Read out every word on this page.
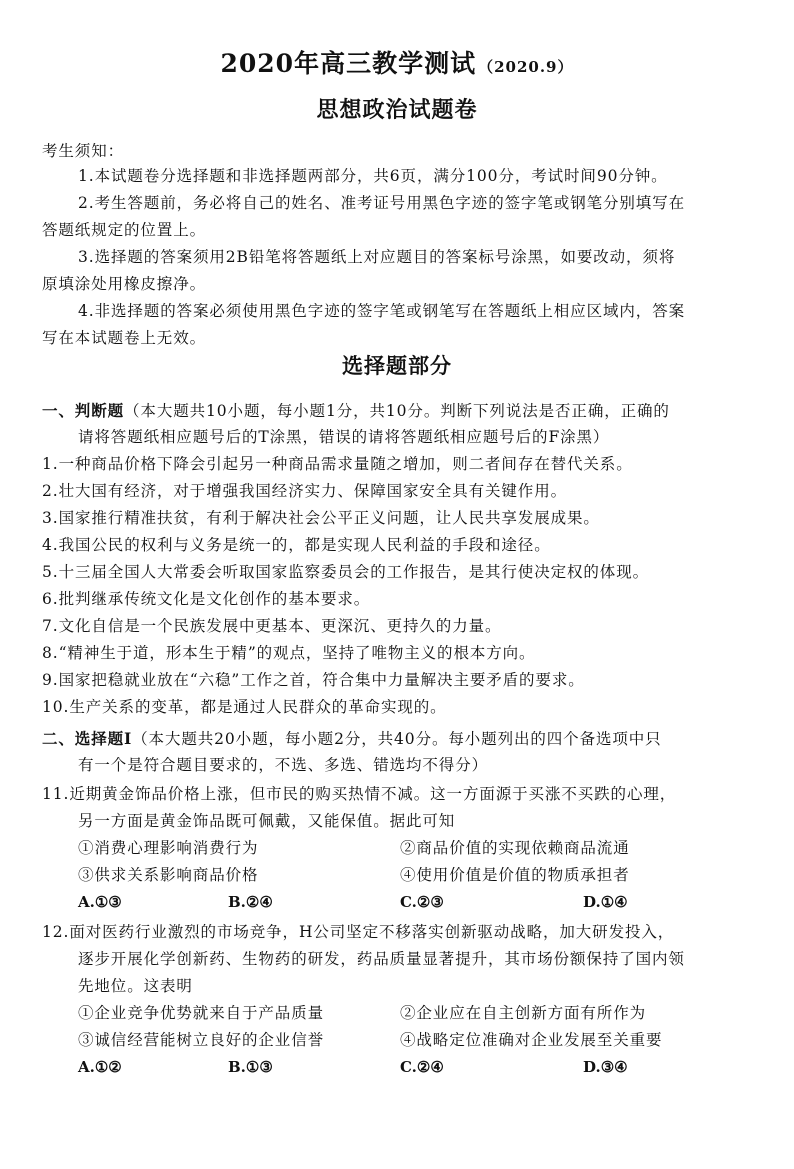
2020年高三教学测试 （2020.9）
思想政治试题卷
考生须知：
1.本试题卷分选择题和非选择题两部分，共6页，满分100分，考试时间90分钟。
2.考生答题前，务必将自己的姓名、准考证号用黑色字迹的签字笔或钢笔分别填写在
答题纸规定的位置上。
3.选择题的答案须用2B铅笔将答题纸上对应题目的答案标号涂黑，如要改动，须将
原填涂处用橡皮擦净。
4.非选择题的答案必须使用黑色字迹的签字笔或钢笔写在答题纸上相应区域内，答案
写在本试题卷上无效。
选择题部分
一、判断题（本大题共10小题，每小题1分，共10分。判断下列说法是否正确，正确的
请将答题纸相应题号后的T涂黑，错误的请将答题纸相应题号后的F涂黑）
1.一种商品价格下降会引起另一种商品需求量随之增加，则二者间存在替代关系。
2.壮大国有经济，对于增强我国经济实力、保障国家安全具有关键作用。
3.国家推行精准扶贫，有利于解决社会公平正义问题，让人民共享发展成果。
4.我国公民的权利与义务是统一的，都是实现人民利益的手段和途径。
5.十三届全国人大常委会听取国家监察委员会的工作报告，是其行使决定权的体现。
6.批判继承传统文化是文化创作的基本要求。
7.文化自信是一个民族发展中更基本、更深沉、更持久的力量。
8.“精神生于道，形本生于精”的观点，坚持了唯物主义的根本方向。
9.国家把稳就业放在“六稳”工作之首，符合集中力量解决主要矛盾的要求。
10.生产关系的变革，都是通过人民群众的革命实现的。
二、选择题Ⅰ（本大题共20小题，每小题2分，共40分。每小题列出的四个备选项中只
有一个是符合题目要求的，不选、多选、错选均不得分）
11.近期黄金饰品价格上涨，但市民的购买热情不减。这一方面源于买涨不买跌的心理，
另一方面是黄金饰品既可佩戴，又能保值。据此可知
①消费心理影响消费行为	②商品价值的实现依赖商品流通
③供求关系影响商品价格	④使用价值是价值的物质承担者
A.①③	B.②④	C.②③	D.①④
12.面对医药行业激烈的市场竞争，H公司坚定不移落实创新驱动战略，加大研发投入，
逐步开展化学创新药、生物药的研发，药品质量显著提升，其市场份额保持了国内领
先地位。这表明
①企业竞争优势就来自于产品质量	②企业应在自主创新方面有所作为
③诚信经营能树立良好的企业信誉	④战略定位准确对企业发展至关重要
A.①②	B.①③	C.②④	D.③④
